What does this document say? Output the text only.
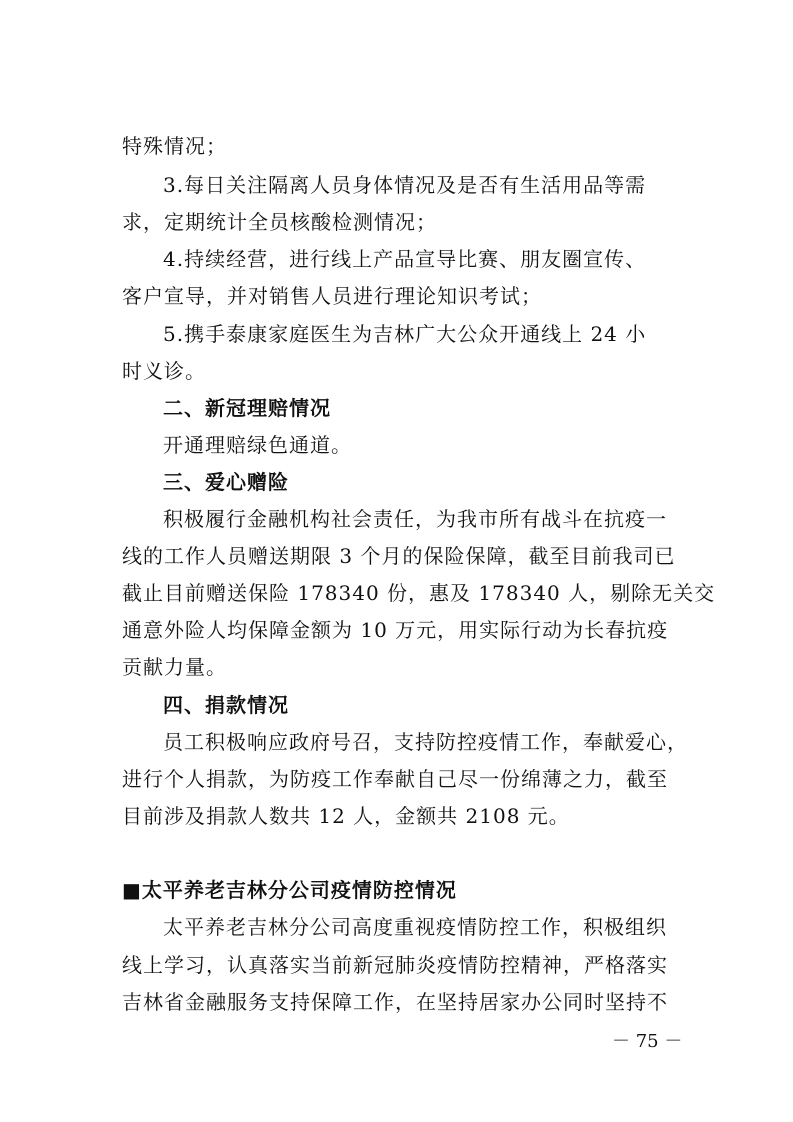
特殊情况；
3.每日关注隔离人员身体情况及是否有生活用品等需
求，定期统计全员核酸检测情况；
4.持续经营，进行线上产品宣导比赛、朋友圈宣传、
客户宣导，并对销售人员进行理论知识考试；
5.携手泰康家庭医生为吉林广大公众开通线上 24 小
时义诊。
二、新冠理赔情况
开通理赔绿色通道。
三、爱心赠险
积极履行金融机构社会责任，为我市所有战斗在抗疫一
线的工作人员赠送期限 3 个月的保险保障，截至目前我司已
截止目前赠送保险 178340 份，惠及 178340 人，剔除无关交
通意外险人均保障金额为 10 万元，用实际行动为长春抗疫
贡献力量。
四、捐款情况
员工积极响应政府号召，支持防控疫情工作，奉献爱心，
进行个人捐款，为防疫工作奉献自己尽一份绵薄之力，截至
目前涉及捐款人数共 12 人，金额共 2108 元。
■太平养老吉林分公司疫情防控情况
太平养老吉林分公司高度重视疫情防控工作，积极组织
线上学习，认真落实当前新冠肺炎疫情防控精神，严格落实
吉林省金融服务支持保障工作，在坚持居家办公同时坚持不
－ 75 －
